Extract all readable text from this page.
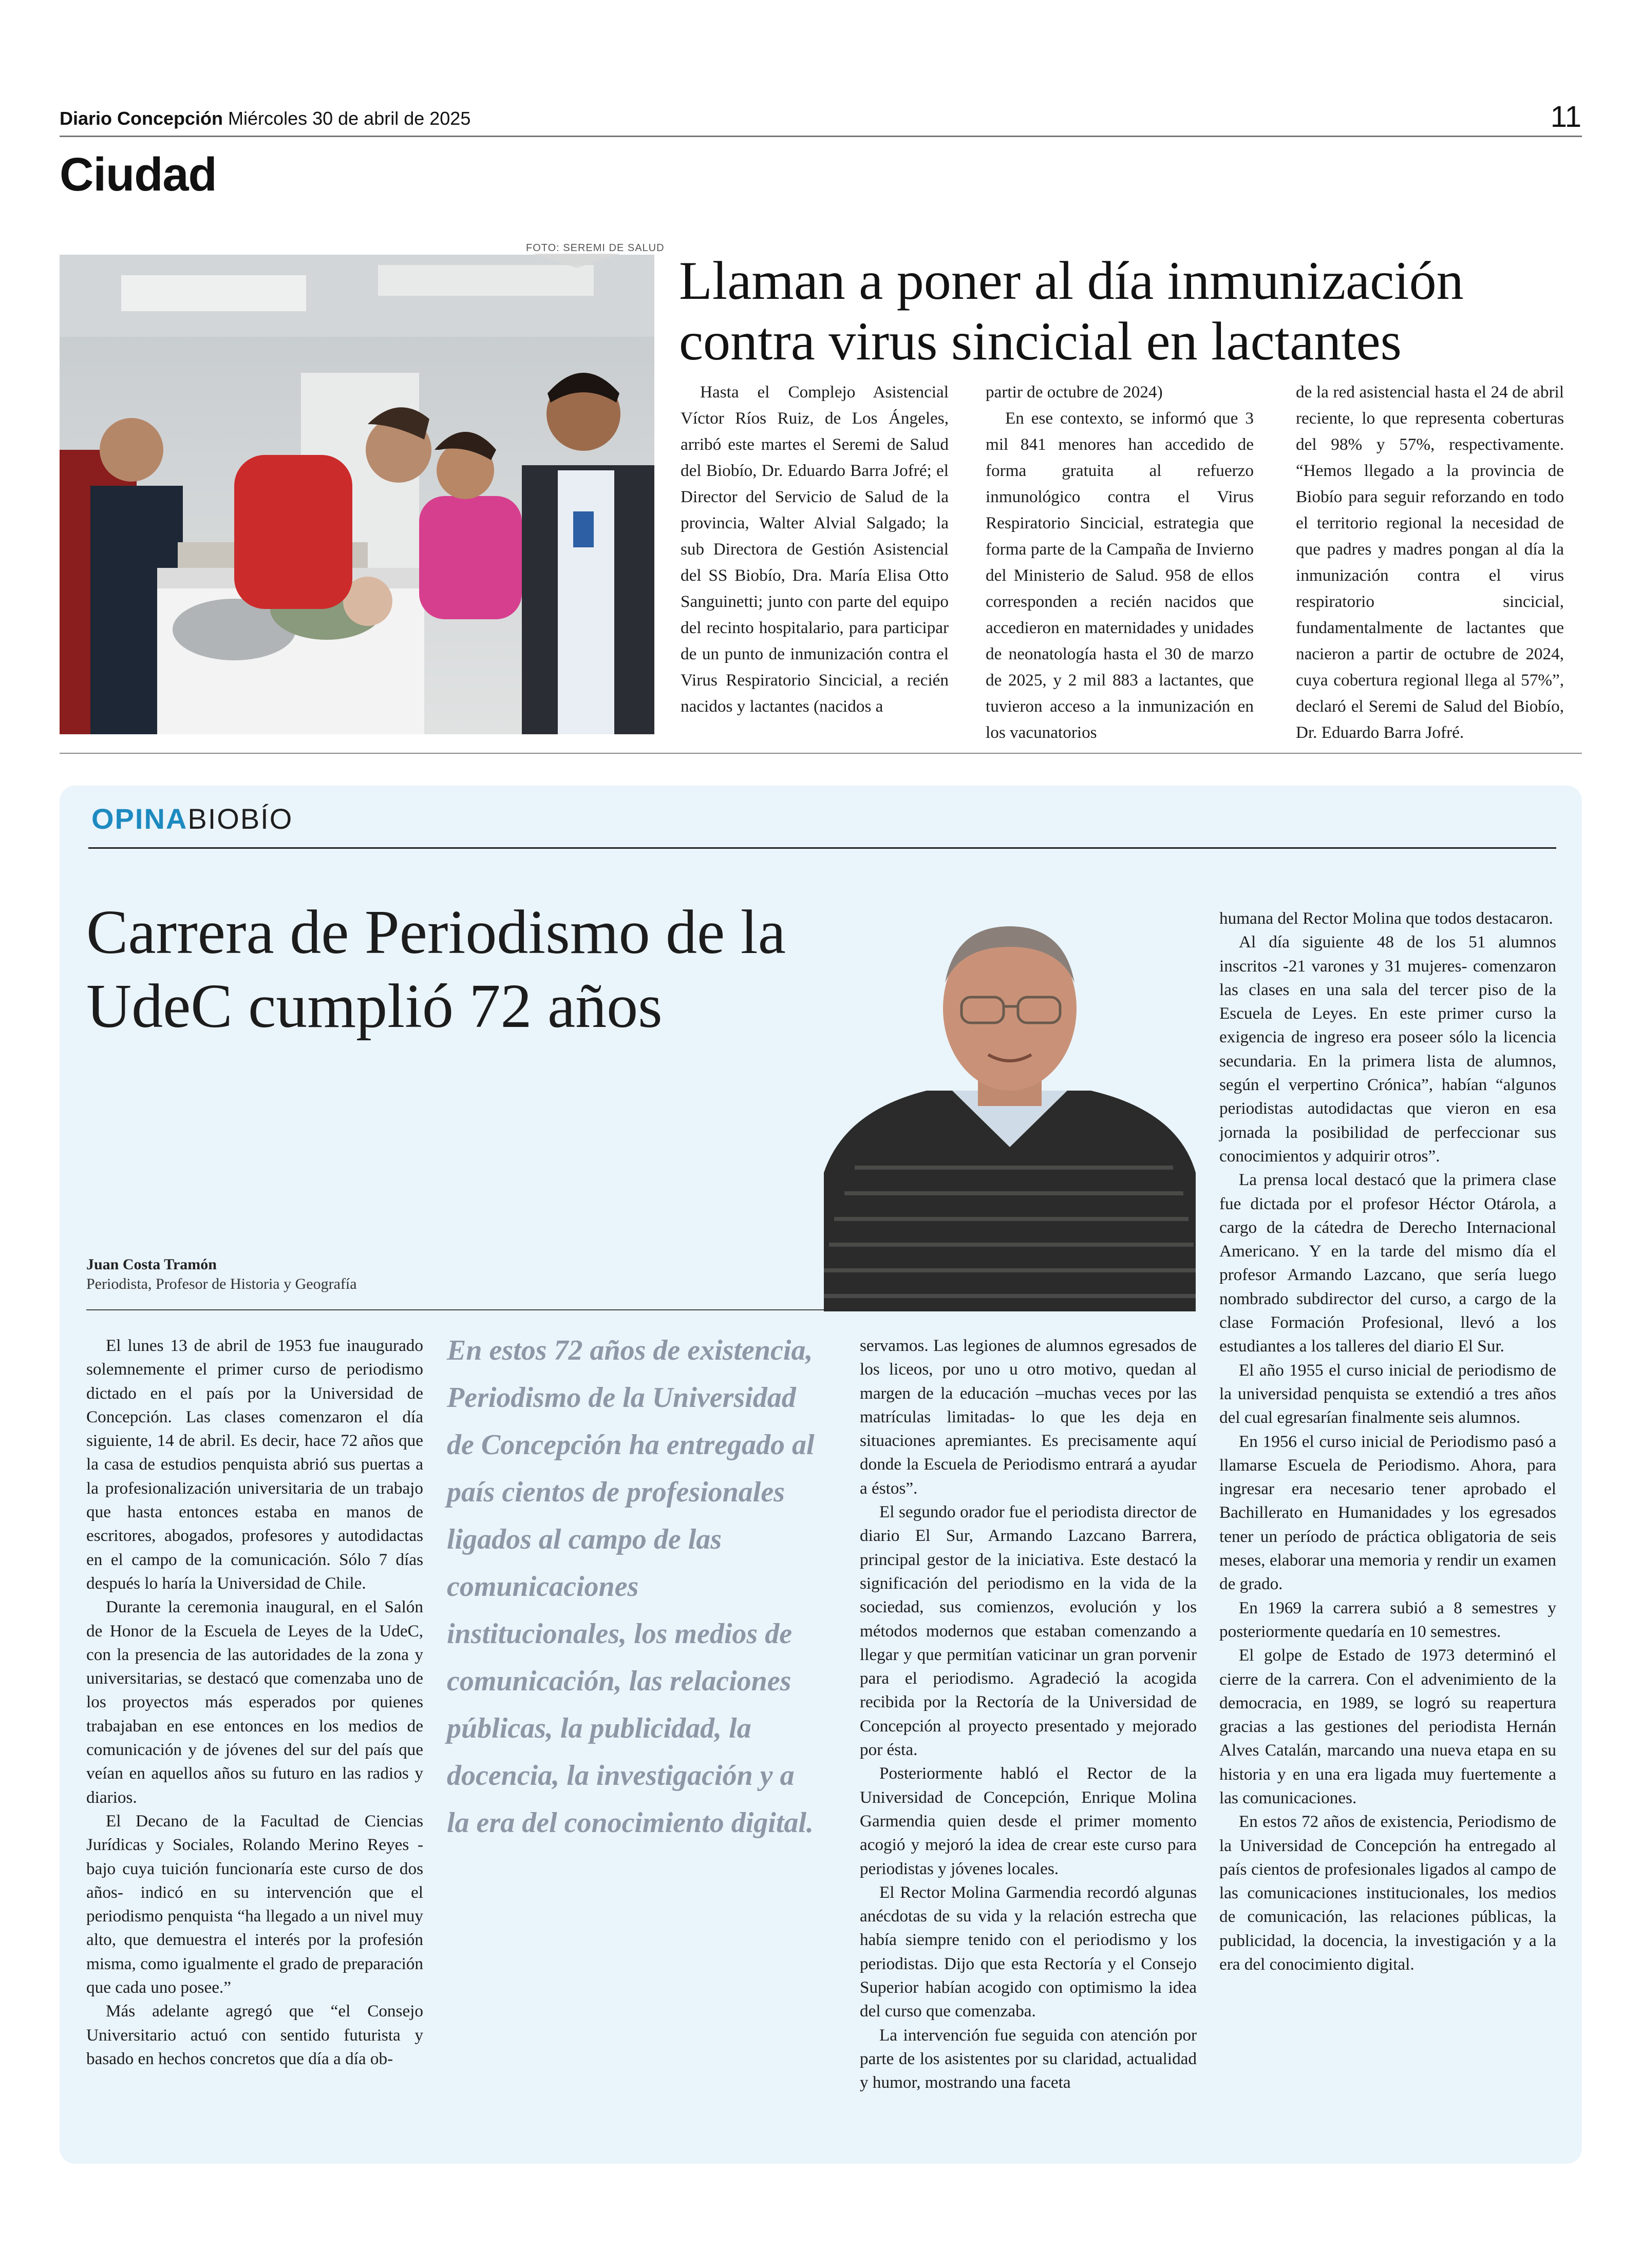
Diario Concepción Miércoles 30 de abril de 2025	11
Ciudad
FOTO: SEREMI DE SALUD
Llaman a poner al día inmunización contra virus sincicial en lactantes

Hasta el Complejo Asistencial Víctor Ríos Ruiz, de Los Ángeles, arribó este martes el Seremi de Salud del Biobío, Dr. Eduardo Barra Jofré; el Director del Servicio de Salud de la provincia, Walter Alvial Salgado; la sub Directora de Gestión Asistencial del SS Biobío, Dra. María Elisa Otto Sanguinetti; junto con parte del equipo del recinto hospitalario, para participar de un punto de inmunización contra el Virus Respiratorio Sincicial, a recién nacidos y lactantes (nacidos a

partir de octubre de 2024)

En ese contexto, se informó que 3 mil 841 menores han accedido de forma gratuita al refuerzo inmunológico contra el Virus Respiratorio Sincicial, estrategia que forma parte de la Campaña de Invierno del Ministerio de Salud. 958 de ellos corresponden a recién nacidos que accedieron en maternidades y unidades de neonatología hasta el 30 de marzo de 2025, y 2 mil 883 a lactantes, que tuvieron acceso a la inmunización en los vacunatorios

de la red asistencial hasta el 24 de abril reciente, lo que representa coberturas del 98% y 57%, respectivamente. “Hemos llegado a la provincia de Biobío para seguir reforzando en todo el territorio regional la necesidad de que padres y madres pongan al día la inmunización contra el virus respiratorio sincicial, fundamentalmente de lactantes que nacieron a partir de octubre de 2024, cuya cobertura regional llega al 57%”, declaró el Seremi de Salud del Biobío, Dr. Eduardo Barra Jofré.

OPINABIOBÍO
Carrera de Periodismo de la UdeC cumplió 72 años
Juan Costa Tramón
Periodista, Profesor de Historia y Geografía

El lunes 13 de abril de 1953 fue inaugurado solemnemente el primer curso de periodismo dictado en el país por la Universidad de Concepción. Las clases comenzaron el día siguiente, 14 de abril. Es decir, hace 72 años que la casa de estudios penquista abrió sus puertas a la profesionalización universitaria de un trabajo que hasta entonces estaba en manos de escritores, abogados, profesores y autodidactas en el campo de la comunicación. Sólo 7 días después lo haría la Universidad de Chile.

Durante la ceremonia inaugural, en el Salón de Honor de la Escuela de Leyes de la UdeC, con la presencia de las autoridades de la zona y universitarias, se destacó que comenzaba uno de los proyectos más esperados por quienes trabajaban en ese entonces en los medios de comunicación y de jóvenes del sur del país que veían en aquellos años su futuro en las radios y diarios.

El Decano de la Facultad de Ciencias Jurídicas y Sociales, Rolando Merino Reyes -bajo cuya tuición funcionaría este curso de dos años- indicó en su intervención que el periodismo penquista “ha llegado a un nivel muy alto, que demuestra el interés por la profesión misma, como igualmente el grado de preparación que cada uno posee.”

Más adelante agregó que “el Consejo Universitario actuó con sentido futurista y basado en hechos concretos que día a día ob-

En estos 72 años de existencia, Periodismo de la Universidad de Concepción ha entregado al país cientos de profesionales ligados al campo de las comunicaciones institucionales, los medios de comunicación, las relaciones públicas, la publicidad, la docencia, la investigación y a la era del conocimiento digital.

servamos. Las legiones de alumnos egresados de los liceos, por uno u otro motivo, quedan al margen de la educación –muchas veces por las matrículas limitadas- lo que les deja en situaciones apremiantes. Es precisamente aquí donde la Escuela de Periodismo entrará a ayudar a éstos”.

El segundo orador fue el periodista director de diario El Sur, Armando Lazcano Barrera, principal gestor de la iniciativa. Este destacó la significación del periodismo en la vida de la sociedad, sus comienzos, evolución y los métodos modernos que estaban comenzando a llegar y que permitían vaticinar un gran porvenir para el periodismo. Agradeció la acogida recibida por la Rectoría de la Universidad de Concepción al proyecto presentado y mejorado por ésta.

Posteriormente habló el Rector de la Universidad de Concepción, Enrique Molina Garmendia quien desde el primer momento acogió y mejoró la idea de crear este curso para periodistas y jóvenes locales.

El Rector Molina Garmendia recordó algunas anécdotas de su vida y la relación estrecha que había siempre tenido con el periodismo y los periodistas. Dijo que esta Rectoría y el Consejo Superior habían acogido con optimismo la idea del curso que comenzaba.

La intervención fue seguida con atención por parte de los asistentes por su claridad, actualidad y humor, mostrando una faceta

humana del Rector Molina que todos destacaron.

Al día siguiente 48 de los 51 alumnos inscritos -21 varones y 31 mujeres- comenzaron las clases en una sala del tercer piso de la Escuela de Leyes. En este primer curso la exigencia de ingreso era poseer sólo la licencia secundaria. En la primera lista de alumnos, según el verpertino Crónica”, habían “algunos periodistas autodidactas que vieron en esa jornada la posibilidad de perfeccionar sus conocimientos y adquirir otros”.

La prensa local destacó que la primera clase fue dictada por el profesor Héctor Otárola, a cargo de la cátedra de Derecho Internacional Americano. Y en la tarde del mismo día el profesor Armando Lazcano, que sería luego nombrado subdirector del curso, a cargo de la clase Formación Profesional, llevó a los estudiantes a los talleres del diario El Sur.

El año 1955 el curso inicial de periodismo de la universidad penquista se extendió a tres años del cual egresarían finalmente seis alumnos.

En 1956 el curso inicial de Periodismo pasó a llamarse Escuela de Periodismo. Ahora, para ingresar era necesario tener aprobado el Bachillerato en Humanidades y los egresados tener un período de práctica obligatoria de seis meses, elaborar una memoria y rendir un examen de grado.

En 1969 la carrera subió a 8 semestres y posteriormente quedaría en 10 semestres.

El golpe de Estado de 1973 determinó el cierre de la carrera. Con el advenimiento de la democracia, en 1989, se logró su reapertura gracias a las gestiones del periodista Hernán Alves Catalán, marcando una nueva etapa en su historia y en una era ligada muy fuertemente a las comunicaciones.

En estos 72 años de existencia, Periodismo de la Universidad de Concepción ha entregado al país cientos de profesionales ligados al campo de las comunicaciones institucionales, los medios de comunicación, las relaciones públicas, la publicidad, la docencia, la investigación y a la era del conocimiento digital.
